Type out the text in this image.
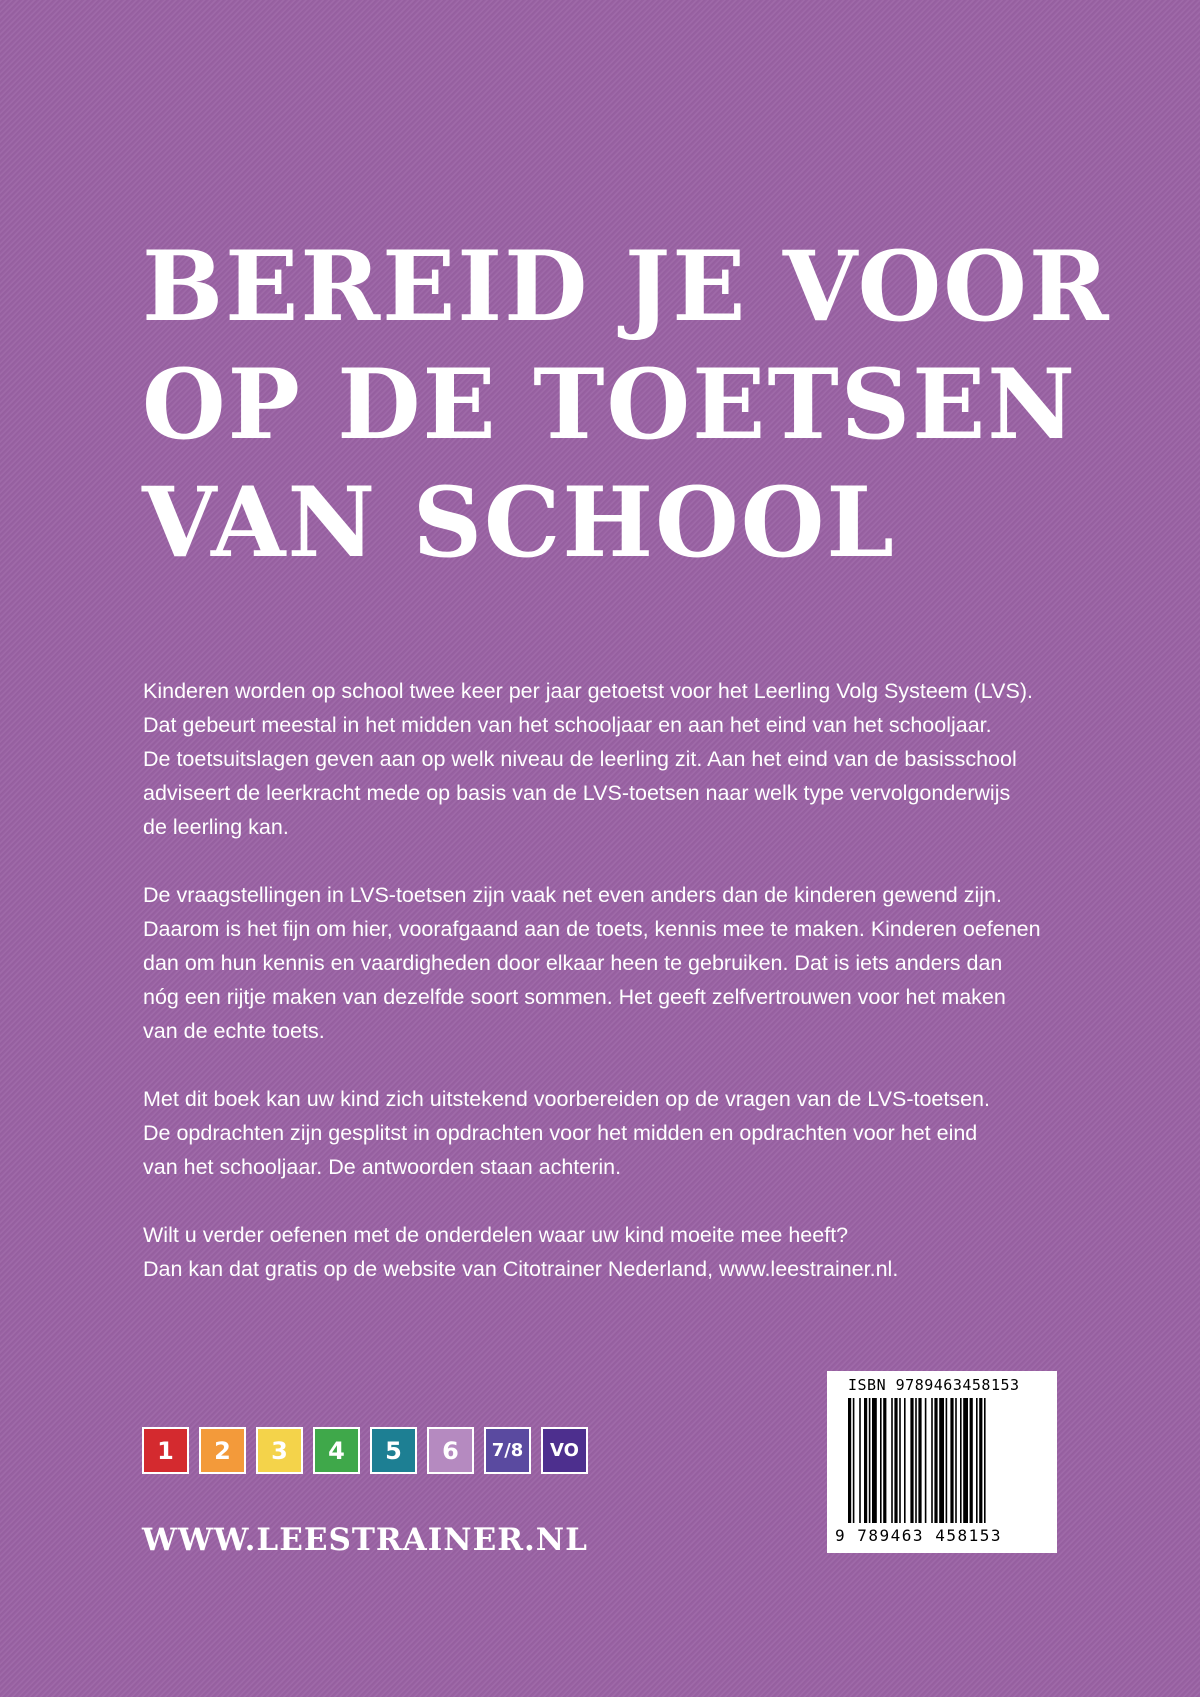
BEREID JE VOOR
OP DE TOETSEN
VAN SCHOOL

Kinderen worden op school twee keer per jaar getoetst voor het Leerling Volg Systeem (LVS).
Dat gebeurt meestal in het midden van het schooljaar en aan het eind van het schooljaar.
De toetsuitslagen geven aan op welk niveau de leerling zit. Aan het eind van de basisschool
adviseert de leerkracht mede op basis van de LVS-toetsen naar welk type vervolgonderwijs
de leerling kan.

De vraagstellingen in LVS-toetsen zijn vaak net even anders dan de kinderen gewend zijn.
Daarom is het fijn om hier, voorafgaand aan de toets, kennis mee te maken. Kinderen oefenen
dan om hun kennis en vaardigheden door elkaar heen te gebruiken. Dat is iets anders dan
nóg een rijtje maken van dezelfde soort sommen. Het geeft zelfvertrouwen voor het maken
van de echte toets.

Met dit boek kan uw kind zich uitstekend voorbereiden op de vragen van de LVS-toetsen.
De opdrachten zijn gesplitst in opdrachten voor het midden en opdrachten voor het eind
van het schooljaar. De antwoorden staan achterin.

Wilt u verder oefenen met de onderdelen waar uw kind moeite mee heeft?
Dan kan dat gratis op de website van Citotrainer Nederland, www.leestrainer.nl.

1 2 3 4 5 6 7/8 VO
WWW.LEESTRAINER.NL
ISBN 9789463458153
9 789463 458153
